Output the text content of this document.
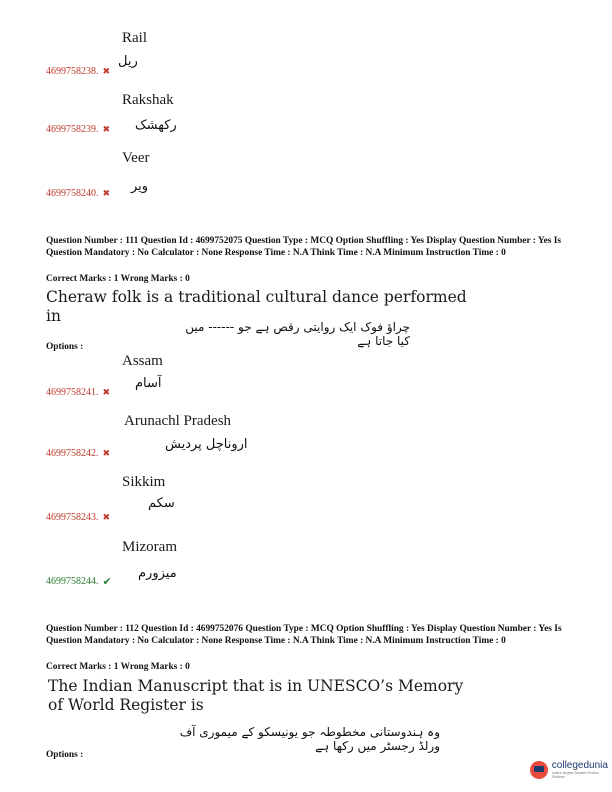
Rail
ریل
4699758238. ✖
Rakshak
رکھشک
4699758239. ✖
Veer
ویر
4699758240. ✖
Question Number : 111 Question Id : 4699752075 Question Type : MCQ Option Shuffling : Yes Display Question Number : Yes Is Question Mandatory : No Calculator : None Response Time : N.A Think Time : N.A Minimum Instruction Time : 0
Correct Marks : 1 Wrong Marks : 0
Cheraw folk is a traditional cultural dance performed in
چراؤ فوک ایک روایتی رقص ہے جو ------ میں کیا جاتا ہے
Options :
Assam
آسام
4699758241. ✖
Arunachl Pradesh
اروناچل پردیش
4699758242. ✖
Sikkim
سکم
4699758243. ✖
Mizoram
میزورم
4699758244. ✔
Question Number : 112 Question Id : 4699752076 Question Type : MCQ Option Shuffling : Yes Display Question Number : Yes Is Question Mandatory : No Calculator : None Response Time : N.A Think Time : N.A Minimum Instruction Time : 0
Correct Marks : 1 Wrong Marks : 0
The Indian Manuscript that is in UNESCO’s Memory of World Register is
وہ ہندوستانی مخطوطہ جو یونیسکو کے میموری آف ورلڈ رجسٹر میں رکھا ہے
Options :
collegedunia
India's largest Student Review Platform
